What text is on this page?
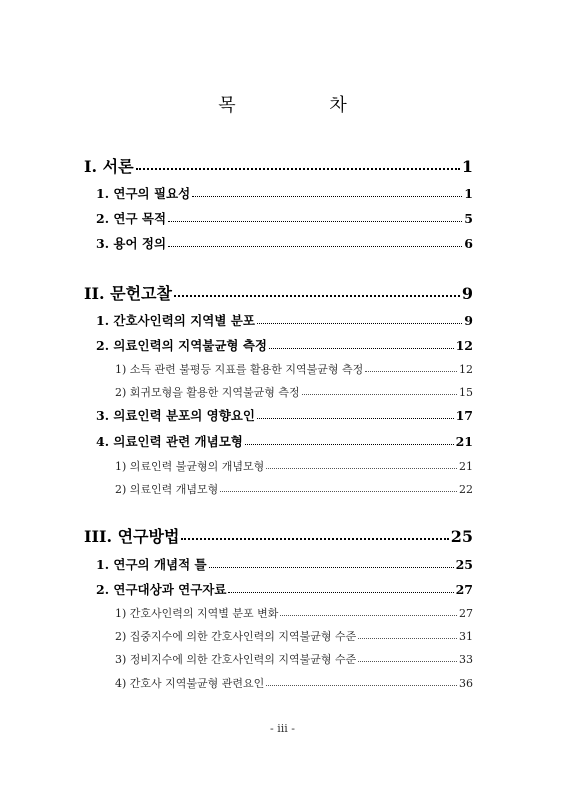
목 차
I. 서론	1
1. 연구의 필요성	1
2. 연구 목적	5
3. 용어 정의	6
II. 문헌고찰	9
1. 간호사인력의 지역별 분포	9
2. 의료인력의 지역불균형 측정	12
1) 소득 관련 불평등 지표를 활용한 지역불균형 측정	12
2) 회귀모형을 활용한 지역불균형 측정	15
3. 의료인력 분포의 영향요인	17
4. 의료인력 관련 개념모형	21
1) 의료인력 불균형의 개념모형	21
2) 의료인력 개념모형	22
III. 연구방법	25
1. 연구의 개념적 틀	25
2. 연구대상과 연구자료	27
1) 간호사인력의 지역별 분포 변화	27
2) 집중지수에 의한 간호사인력의 지역불균형 수준	31
3) 정비지수에 의한 간호사인력의 지역불균형 수준	33
4) 간호사 지역불균형 관련요인	36
- iii -
